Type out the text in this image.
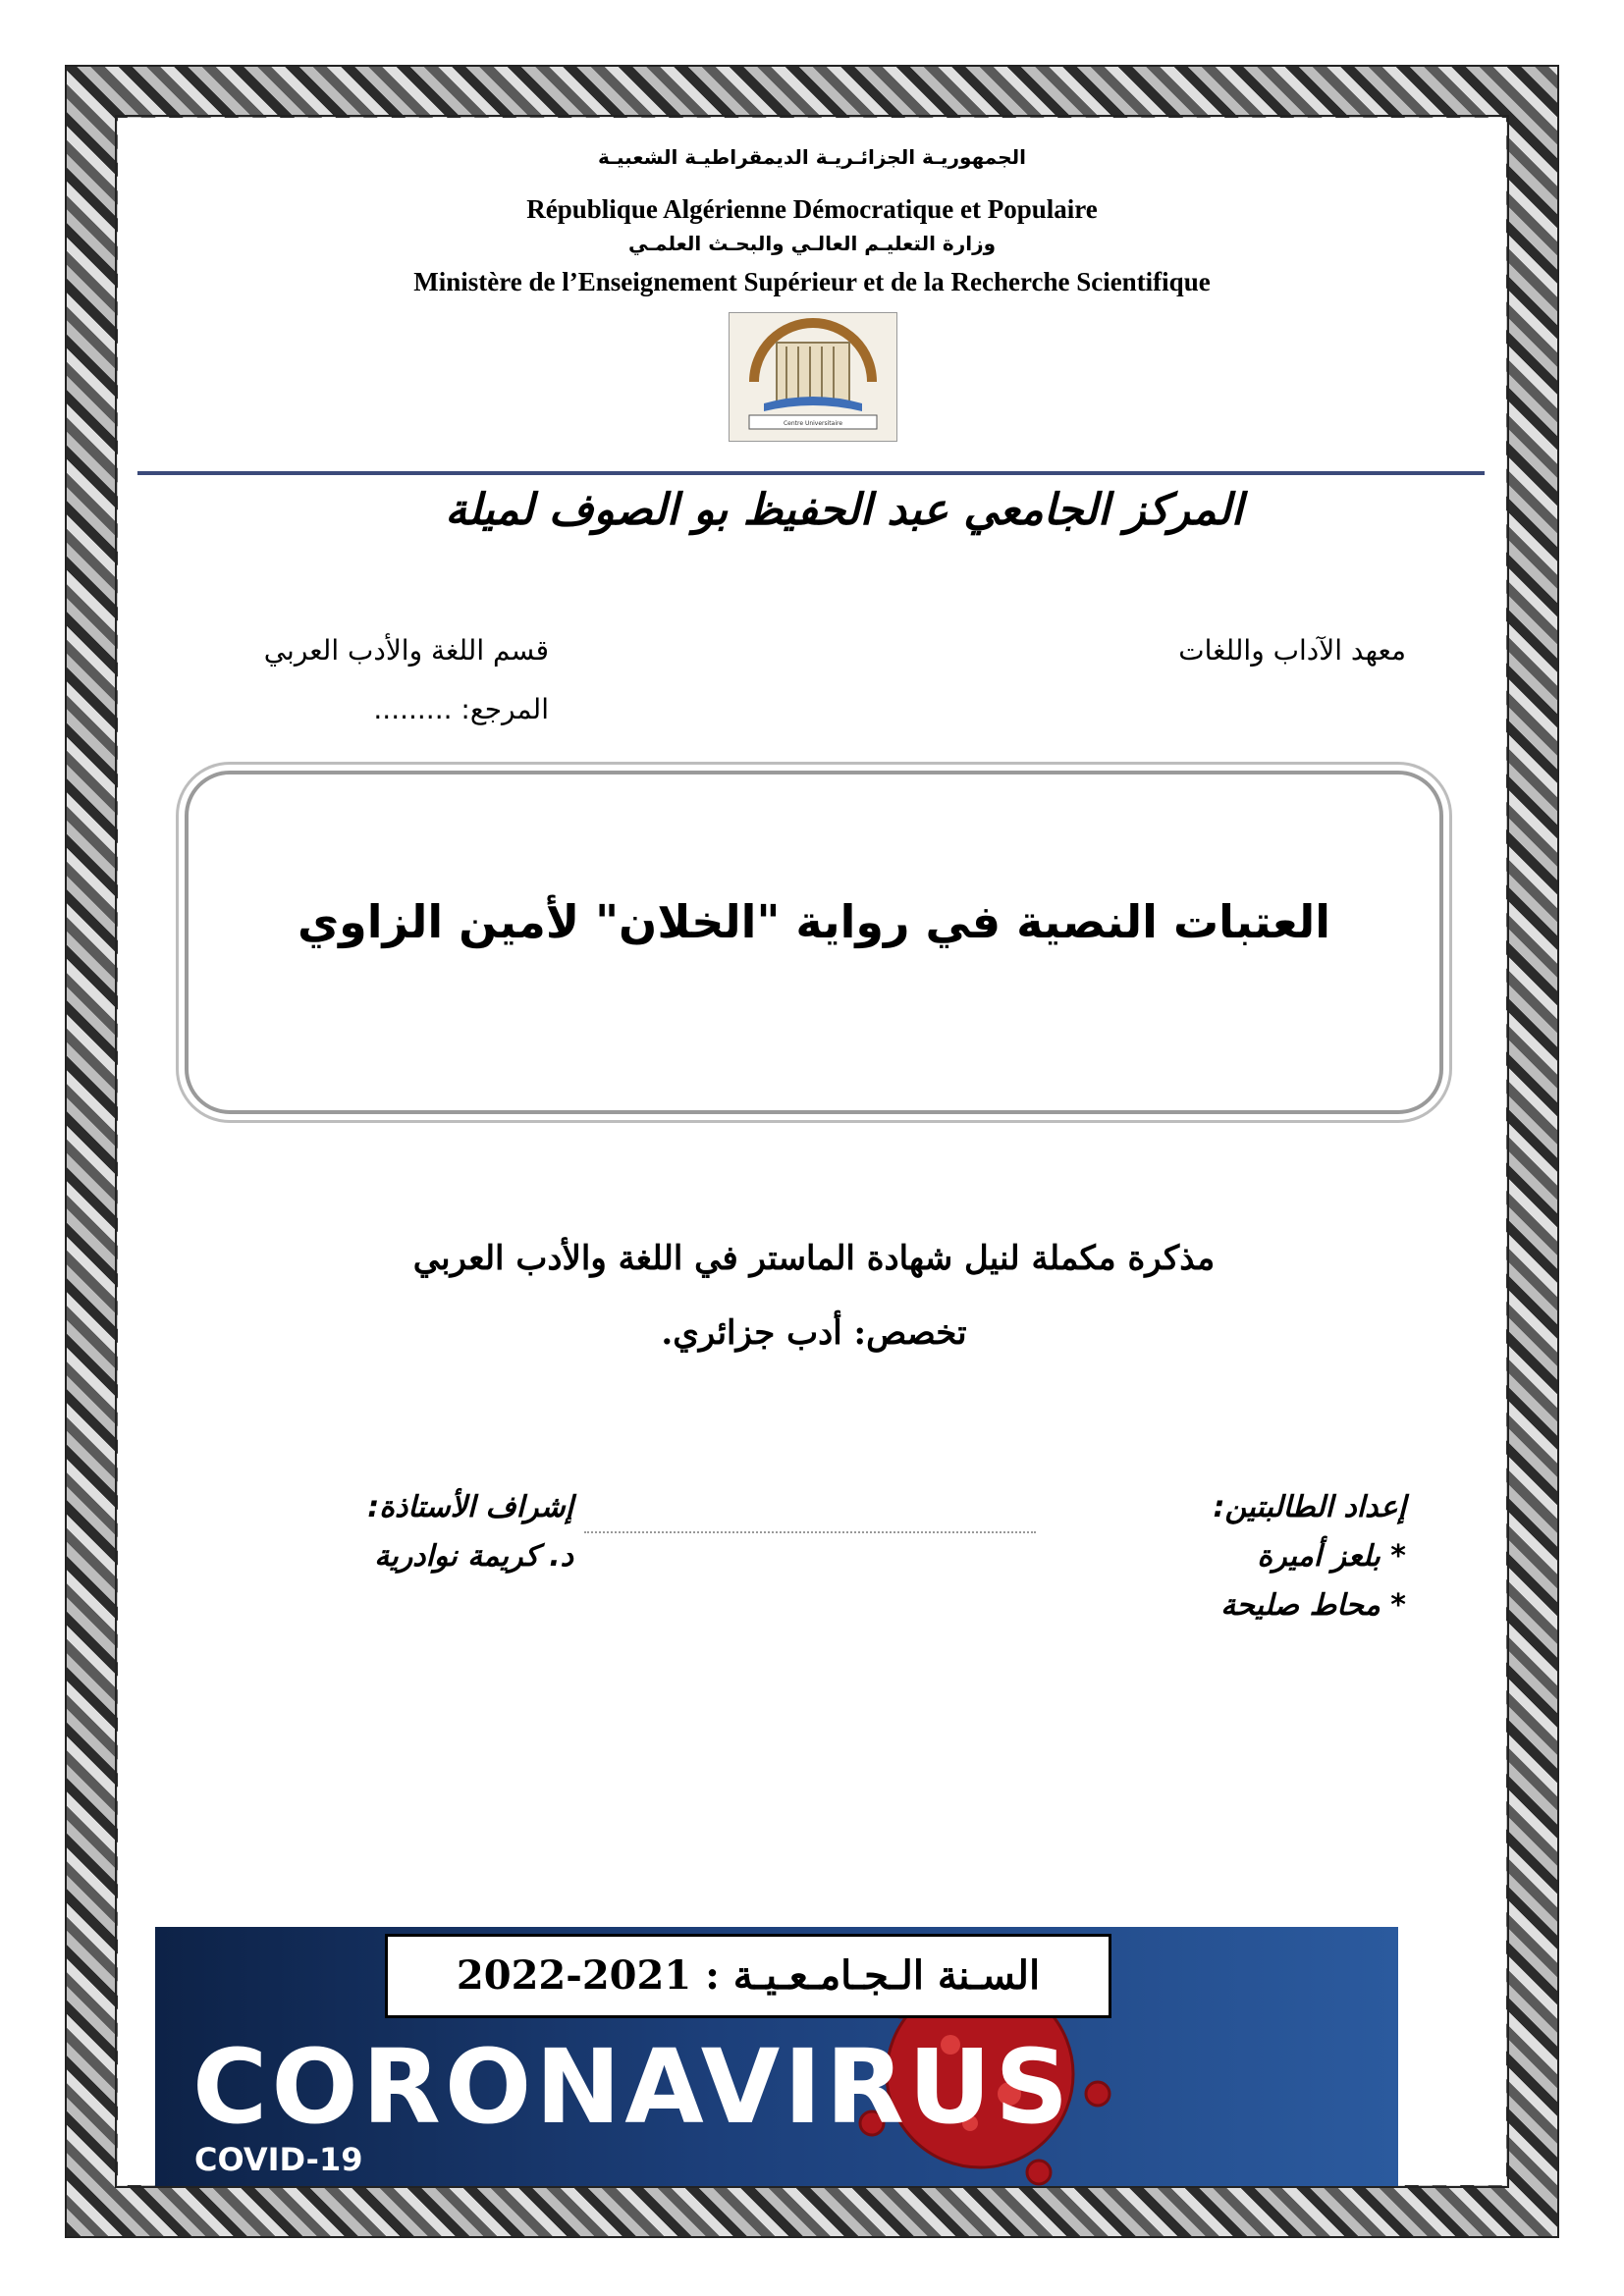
الجمهوريـة الجزائـريـة الديمقراطيـة الشعبيـة
République Algérienne Démocratique et Populaire
وزارة التعليـم العالـي والبحـث العلمـي
Ministère de l’Enseignement Supérieur et de la Recherche Scientifique
Centre Universitaire
المركز الجامعي عبد الحفيظ بو الصوف لميلة
معهد الآداب واللغات
قسم اللغة والأدب العربي
المرجع: .........
العتبات النصية في رواية "الخلان" لأمين الزاوي
مذكرة مكملة لنيل شهادة الماستر في اللغة والأدب العربي
تخصص: أدب جزائري.
إعداد الطالبتين:
* بلعز أميرة
* محاط صليحة
إشراف الأستاذة:
د. كريمة نوادرية
CORONAVIRUS
COVID-19
السـنة الـجـامـعـيـة : 2021-2022
